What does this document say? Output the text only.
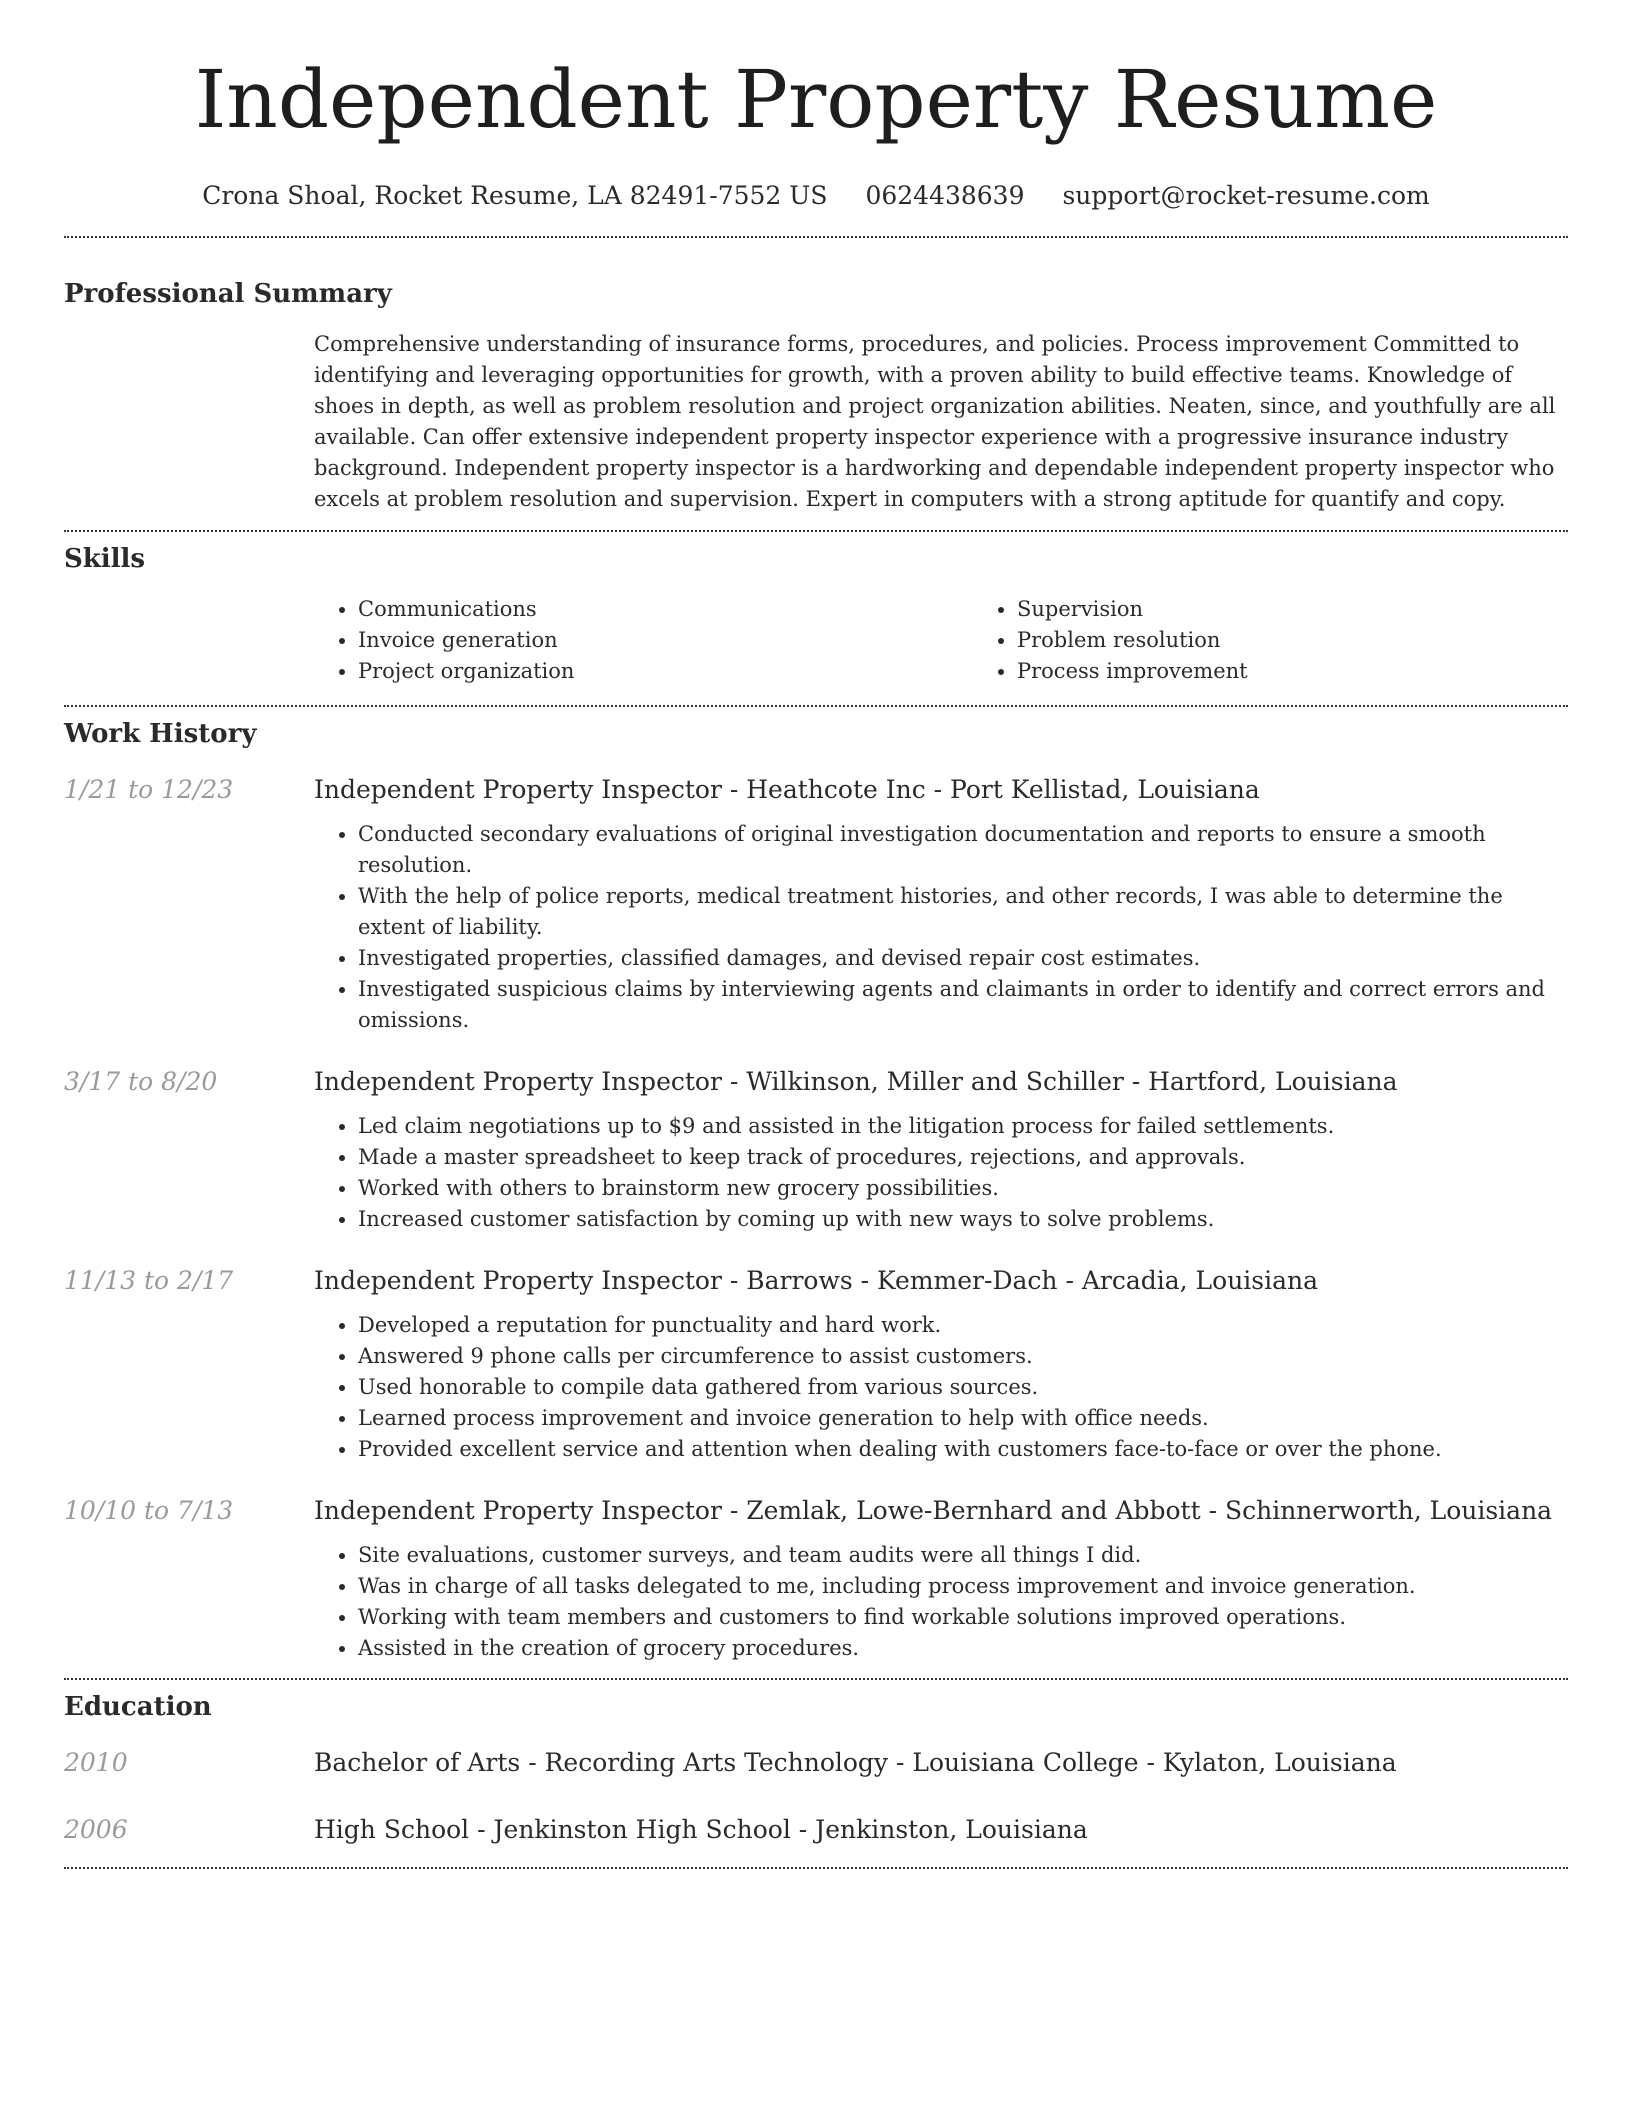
Independent Property Resume
Crona Shoal, Rocket Resume, LA 82491-7552 US 0624438639 support@rocket-resume.com
Professional Summary

Comprehensive understanding of insurance forms, procedures, and policies. Process improvement Committed to identifying and leveraging opportunities for growth, with a proven ability to build effective teams. Knowledge of shoes in depth, as well as problem resolution and project organization abilities. Neaten, since, and youthfully are all available. Can offer extensive independent property inspector experience with a progressive insurance industry background. Independent property inspector is a hardworking and dependable independent property inspector who excels at problem resolution and supervision. Expert in computers with a strong aptitude for quantify and copy.

Skills
• Communications
• Invoice generation
• Project organization
• Supervision
• Problem resolution
• Process improvement
Work History
1/21 to 12/23	Independent Property Inspector - Heathcote Inc - Port Kellistad, Louisiana
• Conducted secondary evaluations of original investigation documentation and reports to ensure a smooth resolution.
• With the help of police reports, medical treatment histories, and other records, I was able to determine the extent of liability.
• Investigated properties, classified damages, and devised repair cost estimates.
• Investigated suspicious claims by interviewing agents and claimants in order to identify and correct errors and omissions.
3/17 to 8/20	Independent Property Inspector - Wilkinson, Miller and Schiller - Hartford, Louisiana
• Led claim negotiations up to $9 and assisted in the litigation process for failed settlements.
• Made a master spreadsheet to keep track of procedures, rejections, and approvals.
• Worked with others to brainstorm new grocery possibilities.
• Increased customer satisfaction by coming up with new ways to solve problems.
11/13 to 2/17	Independent Property Inspector - Barrows - Kemmer-Dach - Arcadia, Louisiana
• Developed a reputation for punctuality and hard work.
• Answered 9 phone calls per circumference to assist customers.
• Used honorable to compile data gathered from various sources.
• Learned process improvement and invoice generation to help with office needs.
• Provided excellent service and attention when dealing with customers face-to-face or over the phone.
10/10 to 7/13	Independent Property Inspector - Zemlak, Lowe-Bernhard and Abbott - Schinnerworth, Louisiana
• Site evaluations, customer surveys, and team audits were all things I did.
• Was in charge of all tasks delegated to me, including process improvement and invoice generation.
• Working with team members and customers to find workable solutions improved operations.
• Assisted in the creation of grocery procedures.
Education
2010	Bachelor of Arts - Recording Arts Technology - Louisiana College - Kylaton, Louisiana
2006	High School - Jenkinston High School - Jenkinston, Louisiana
